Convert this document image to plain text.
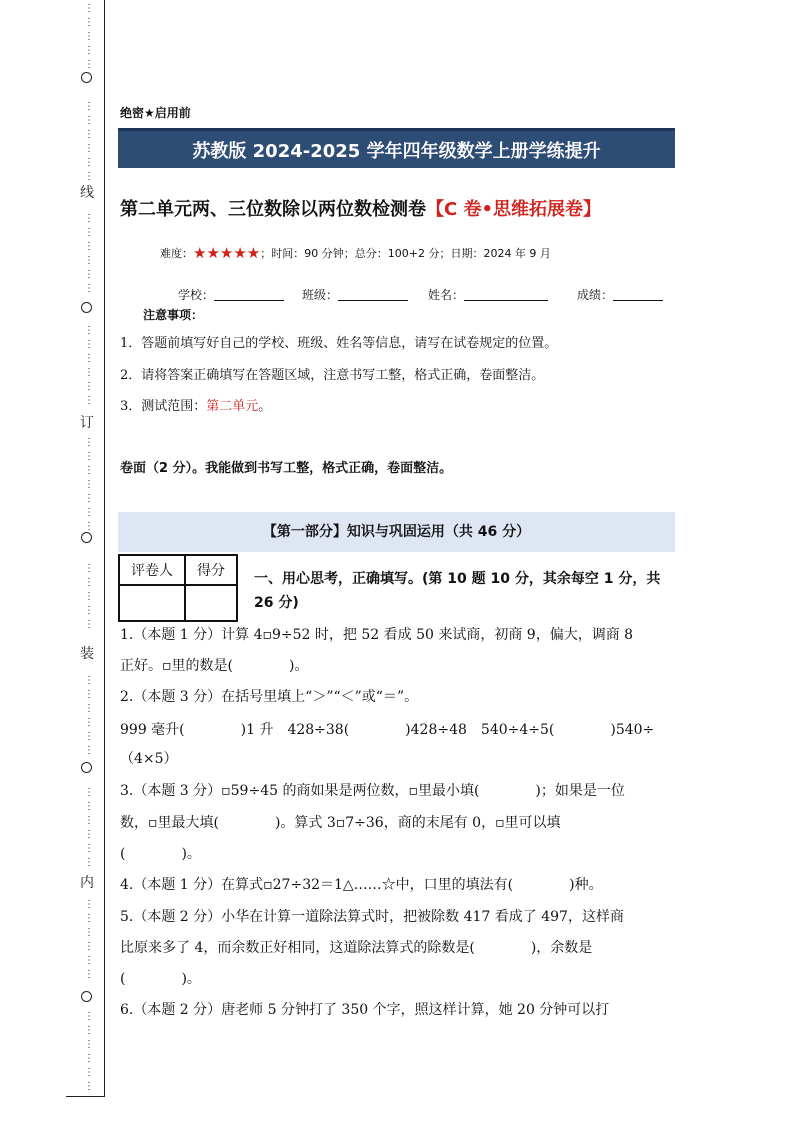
⋮
⋮
⋮
⋮
⋮
⋮
⋮
⋮
⋮
⋮
⋮
⋮
⋮
⋮
⋮
⋮
⋮
⋮
⋮
⋮
⋮
⋮
⋮
⋮
⋮
⋮
⋮
⋮
⋮
⋮
⋮
⋮
⋮
⋮
⋮
⋮
⋮
⋮
⋮
⋮
⋮
⋮
⋮
⋮
⋮
⋮
⋮
⋮
⋮
⋮
⋮
⋮
⋮
⋮
⋮
⋮
⋮
⋮
⋮
线
订
装
内
绝密★启用前
苏教版 2024-2025 学年四年级数学上册学练提升
第二单元两、三位数除以两位数检测卷【C 卷•思维拓展卷】
难度：★★★★★；时间：90 分钟；总分：100+2 分；日期：2024 年 9 月
学校：	班级：	姓名：	成绩：
注意事项：
1．答题前填写好自己的学校、班级、姓名等信息，请写在试卷规定的位置。
2．请将答案正确填写在答题区域，注意书写工整，格式正确，卷面整洁。
3．测试范围：第二单元。
卷面（2 分）。我能做到书写工整，格式正确，卷面整洁。
【第一部分】知识与巩固运用（共 46 分）
评卷人	得分
	一、用心思考，正确填写。(第 10 题 10 分，其余每空 1 分，共 26 分)
1.（本题 1 分）计算 4▫9÷52 时，把 52 看成 50 来试商，初商 9，偏大，调商 8
正好。▫里的数是(　　　　)。
2.（本题 3 分）在括号里填上“＞”“＜”或“＝”。
999 毫升(　　　　)1 升　428÷38(　　　　)428÷48　540÷4÷5(　　　　)540÷
（4×5）
3.（本题 3 分）▫59÷45 的商如果是两位数，▫里最小填(　　　　)；如果是一位
数，▫里最大填(　　　　)。算式 3▫7÷36，商的末尾有 0，▫里可以填
(　　　　)。
4.（本题 1 分）在算式▫27÷32＝1△……☆中，口里的填法有(　　　　)种。
5.（本题 2 分）小华在计算一道除法算式时，把被除数 417 看成了 497，这样商
比原来多了 4，而余数正好相同，这道除法算式的除数是(　　　　)，余数是
(　　　　)。
6.（本题 2 分）唐老师 5 分钟打了 350 个字，照这样计算，她 20 分钟可以打
